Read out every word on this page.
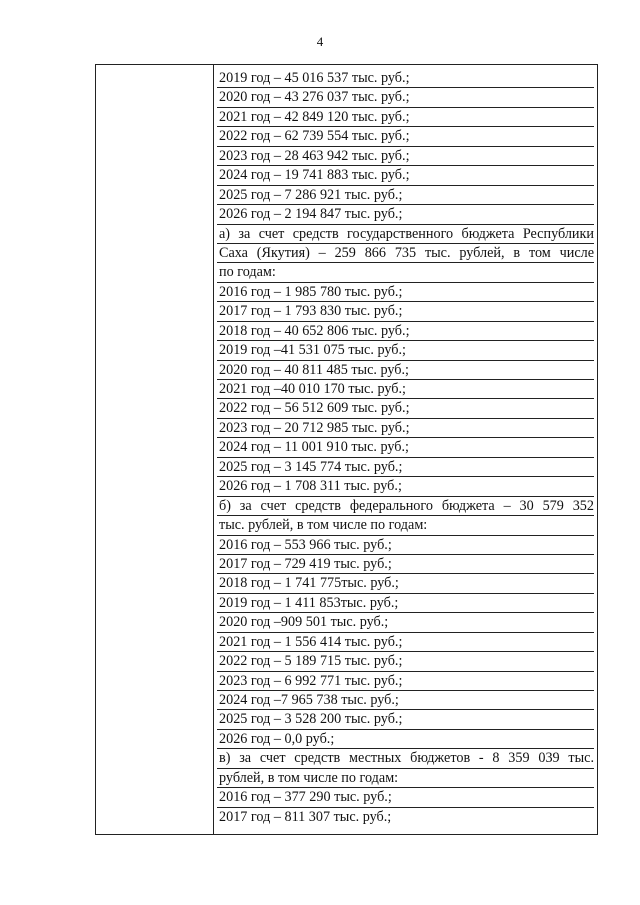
4
2019 год – 45 016 537 тыс. руб.;
2020 год – 43 276 037 тыс. руб.;
2021 год – 42 849 120 тыс. руб.;
2022 год – 62 739 554 тыс. руб.;
2023 год – 28 463 942 тыс. руб.;
2024 год – 19 741 883 тыс. руб.;
2025 год – 7 286 921 тыс. руб.;
2026 год – 2 194 847 тыс. руб.;
а) за счет средств государственного бюджета Республики
Саха (Якутия) – 259 866 735 тыс. рублей, в том числе
по годам:
2016 год – 1 985 780 тыс. руб.;
2017 год – 1 793 830 тыс. руб.;
2018 год – 40 652 806 тыс. руб.;
2019 год –41 531 075 тыс. руб.;
2020 год – 40 811 485 тыс. руб.;
2021 год –40 010 170 тыс. руб.;
2022 год – 56 512 609 тыс. руб.;
2023 год – 20 712 985 тыс. руб.;
2024 год – 11 001 910 тыс. руб.;
2025 год – 3 145 774 тыс. руб.;
2026 год – 1 708 311 тыс. руб.;
б) за счет средств федерального бюджета – 30 579 352
тыс. рублей, в том числе по годам:
2016 год – 553 966 тыс. руб.;
2017 год – 729 419 тыс. руб.;
2018 год – 1 741 775тыс. руб.;
2019 год – 1 411 853тыс. руб.;
2020 год –909 501 тыс. руб.;
2021 год – 1 556 414 тыс. руб.;
2022 год – 5 189 715 тыс. руб.;
2023 год – 6 992 771 тыс. руб.;
2024 год –7 965 738 тыс. руб.;
2025 год – 3 528 200 тыс. руб.;
2026 год – 0,0 руб.;
в) за счет средств местных бюджетов - 8 359 039 тыс.
рублей, в том числе по годам:
2016 год – 377 290 тыс. руб.;
2017 год – 811 307 тыс. руб.;
